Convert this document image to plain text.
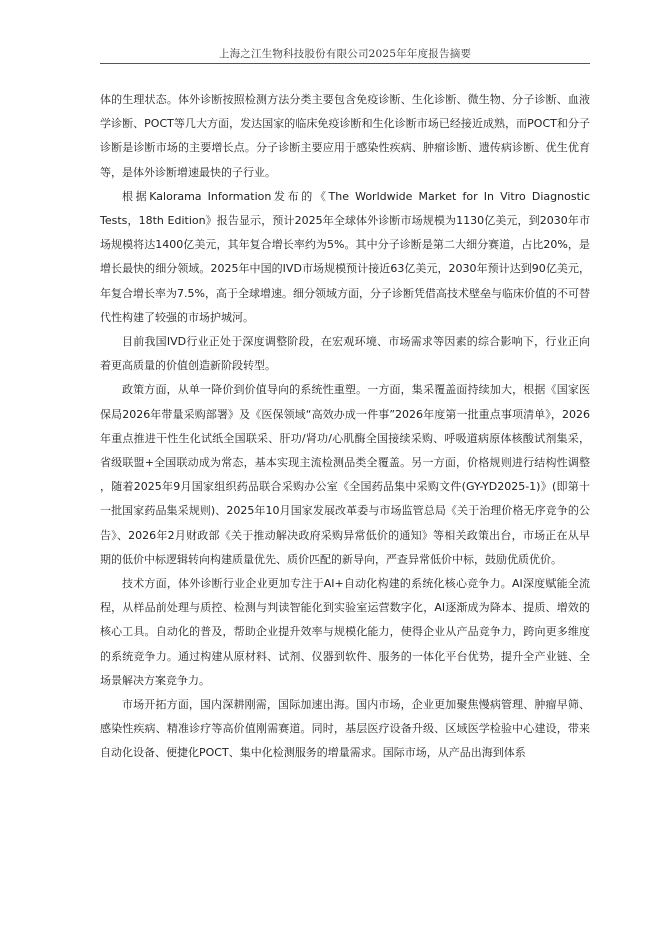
上海之江生物科技股份有限公司2025年年度报告摘要

体的生理状态。体外诊断按照检测方法分类主要包含免疫诊断、生化诊断、微生物、分子诊断、血液学诊断、POCT等几大方面，发达国家的临床免疫诊断和生化诊断市场已经接近成熟，而POCT和分子诊断是诊断市场的主要增长点。分子诊断主要应用于感染性疾病、肿瘤诊断、遗传病诊断、优生优育等，是体外诊断增速最快的子行业。

根据Kalorama Information发布的《The Worldwide Market for In Vitro Diagnostic Tests，18th Edition》报告显示，预计2025年全球体外诊断市场规模为1130亿美元，到2030年市场规模将达1400亿美元，其年复合增长率约为5%。其中分子诊断是第二大细分赛道，占比20%，是增长最快的细分领域。2025年中国的IVD市场规模预计接近63亿美元，2030年预计达到90亿美元，年复合增长率为7.5%，高于全球增速。细分领域方面，分子诊断凭借高技术壁垒与临床价值的不可替代性构建了较强的市场护城河。

目前我国IVD行业正处于深度调整阶段，在宏观环境、市场需求等因素的综合影响下，行业正向着更高质量的价值创造新阶段转型。

政策方面，从单一降价到价值导向的系统性重塑。一方面，集采覆盖面持续加大，根据《国家医保局2026年带量采购部署》及《医保领域“高效办成一件事”2026年度第一批重点事项清单》，2026年重点推进干性生化试纸全国联采、肝功/肾功/心肌酶全国接续采购、呼吸道病原体核酸试剂集采，省级联盟+全国联动成为常态，基本实现主流检测品类全覆盖。另一方面，价格规则进行结构性调整 ，随着2025年9月国家组织药品联合采购办公室《全国药品集中采购文件(GY-YD2025-1)》(即第十一批国家药品集采规则)、2025年10月国家发展改革委与市场监管总局《关于治理价格无序竞争的公告》、2026年2月财政部《关于推动解决政府采购异常低价的通知》等相关政策出台，市场正在从早期的低价中标逻辑转向构建质量优先、质价匹配的新导向，严查异常低价中标，鼓励优质优价。

技术方面，体外诊断行业企业更加专注于AI+自动化构建的系统化核心竞争力。AI深度赋能全流程，从样品前处理与质控、检测与判读智能化到实验室运营数字化，AI逐渐成为降本、提质、增效的核心工具。自动化的普及，帮助企业提升效率与规模化能力，使得企业从产品竞争力，跨向更多维度的系统竞争力。通过构建从原材料、试剂、仪器到软件、服务的一体化平台优势，提升全产业链、全场景解决方案竞争力。

市场开拓方面，国内深耕刚需，国际加速出海。国内市场，企业更加聚焦慢病管理、肿瘤早筛、感染性疾病、精准诊疗等高价值刚需赛道。同时，基层医疗设备升级、区域医学检验中心建设，带来自动化设备、便捷化POCT、集中化检测服务的增量需求。国际市场，从产品出海到体系
